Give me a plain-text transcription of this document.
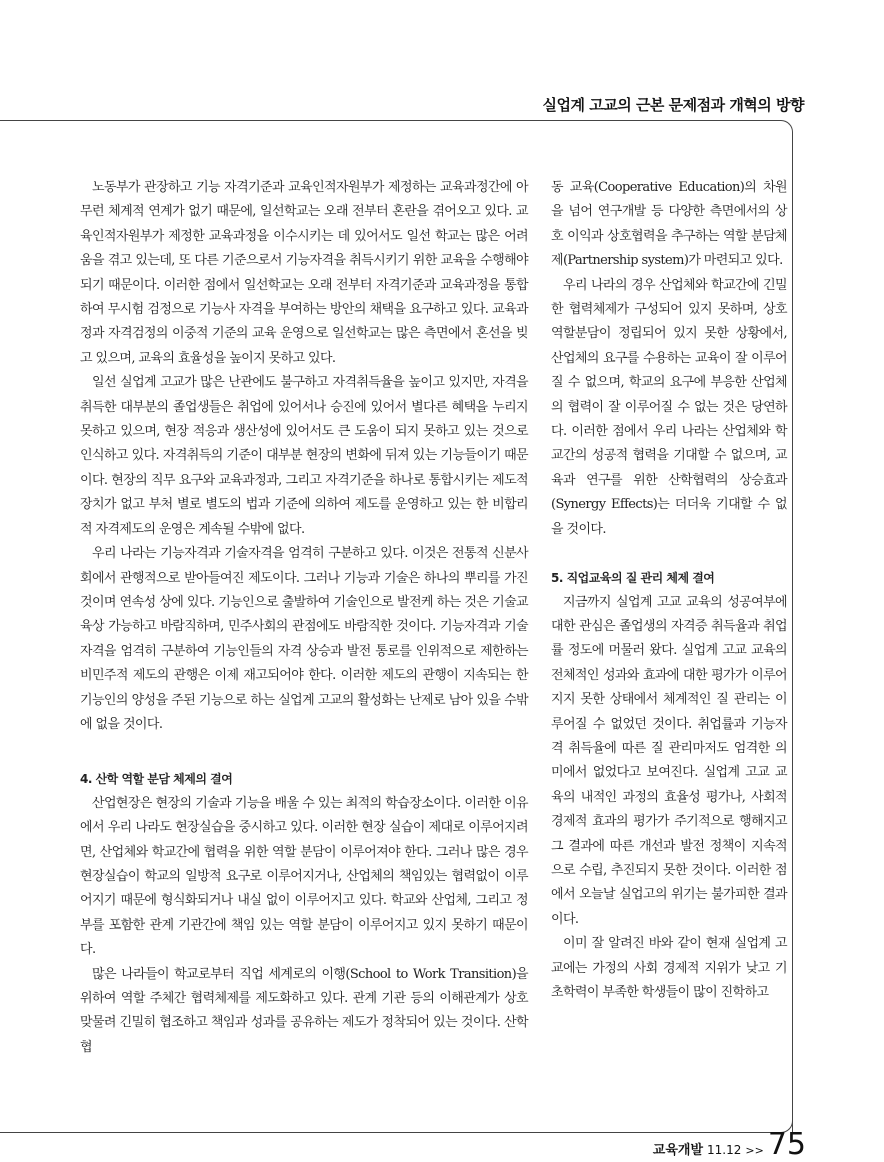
실업계 고교의 근본 문제점과 개혁의 방향

노동부가 관장하고 기능 자격기준과 교육인적자원부가 제정하는 교육과정간에 아무런 체계적 연계가 없기 때문에, 일선학교는 오래 전부터 혼란을 겪어오고 있다. 교육인적자원부가 제정한 교육과정을 이수시키는 데 있어서도 일선 학교는 많은 어려움을 겪고 있는데, 또 다른 기준으로서 기능자격을 취득시키기 위한 교육을 수행해야 되기 때문이다. 이러한 점에서 일선학교는 오래 전부터 자격기준과 교육과정을 통합하여 무시험 검정으로 기능사 자격을 부여하는 방안의 채택을 요구하고 있다. 교육과정과 자격검정의 이중적 기준의 교육 운영으로 일선학교는 많은 측면에서 혼선을 빚고 있으며, 교육의 효율성을 높이지 못하고 있다.

일선 실업계 고교가 많은 난관에도 불구하고 자격취득율을 높이고 있지만, 자격을 취득한 대부분의 졸업생들은 취업에 있어서나 승진에 있어서 별다른 혜택을 누리지 못하고 있으며, 현장 적응과 생산성에 있어서도 큰 도움이 되지 못하고 있는 것으로 인식하고 있다. 자격취득의 기준이 대부분 현장의 변화에 뒤져 있는 기능들이기 때문이다. 현장의 직무 요구와 교육과정과, 그리고 자격기준을 하나로 통합시키는 제도적 장치가 없고 부처 별로 별도의 법과 기준에 의하여 제도를 운영하고 있는 한 비합리적 자격제도의 운영은 계속될 수밖에 없다.

우리 나라는 기능자격과 기술자격을 엄격히 구분하고 있다. 이것은 전통적 신분사회에서 관행적으로 받아들여진 제도이다. 그러나 기능과 기술은 하나의 뿌리를 가진 것이며 연속성 상에 있다. 기능인으로 출발하여 기술인으로 발전케 하는 것은 기술교육상 가능하고 바람직하며, 민주사회의 관점에도 바람직한 것이다. 기능자격과 기술자격을 엄격히 구분하여 기능인들의 자격 상승과 발전 통로를 인위적으로 제한하는 비민주적 제도의 관행은 이제 재고되어야 한다. 이러한 제도의 관행이 지속되는 한 기능인의 양성을 주된 기능으로 하는 실업계 고교의 활성화는 난제로 남아 있을 수밖에 없을 것이다.

4. 산학 역할 분담 체제의 결여

산업현장은 현장의 기술과 기능을 배울 수 있는 최적의 학습장소이다. 이러한 이유에서 우리 나라도 현장실습을 중시하고 있다. 이러한 현장 실습이 제대로 이루어지려면, 산업체와 학교간에 협력을 위한 역할 분담이 이루어져야 한다. 그러나 많은 경우 현장실습이 학교의 일방적 요구로 이루어지거나, 산업체의 책임있는 협력없이 이루어지기 때문에 형식화되거나 내실 없이 이루어지고 있다. 학교와 산업체, 그리고 정부를 포함한 관계 기관간에 책임 있는 역할 분담이 이루어지고 있지 못하기 때문이다.

많은 나라들이 학교로부터 직업 세계로의 이행(School to Work Transition)을 위하여 역할 주체간 협력체제를 제도화하고 있다. 관계 기관 등의 이해관계가 상호 맞물려 긴밀히 협조하고 책임과 성과를 공유하는 제도가 정착되어 있는 것이다. 산학협

동 교육(Cooperative Education)의 차원을 넘어 연구개발 등 다양한 측면에서의 상호 이익과 상호협력을 추구하는 역할 분담체제(Partnership system)가 마련되고 있다.

우리 나라의 경우 산업체와 학교간에 긴밀한 협력체제가 구성되어 있지 못하며, 상호 역할분담이 정립되어 있지 못한 상황에서, 산업체의 요구를 수용하는 교육이 잘 이루어질 수 없으며, 학교의 요구에 부응한 산업체의 협력이 잘 이루어질 수 없는 것은 당연하다. 이러한 점에서 우리 나라는 산업체와 학교간의 성공적 협력을 기대할 수 없으며, 교육과 연구를 위한 산학협력의 상승효과(Synergy Effects)는 더더욱 기대할 수 없을 것이다.

5. 직업교육의 질 관리 체제 결여

지금까지 실업계 고교 교육의 성공여부에 대한 관심은 졸업생의 자격증 취득율과 취업률 정도에 머물러 왔다. 실업계 고교 교육의 전체적인 성과와 효과에 대한 평가가 이루어지지 못한 상태에서 체계적인 질 관리는 이루어질 수 없었던 것이다. 취업률과 기능자격 취득율에 따른 질 관리마저도 엄격한 의미에서 없었다고 보여진다. 실업계 고교 교육의 내적인 과정의 효율성 평가나, 사회적 경제적 효과의 평가가 주기적으로 행해지고 그 결과에 따른 개선과 발전 정책이 지속적으로 수립, 추진되지 못한 것이다. 이러한 점에서 오늘날 실업고의 위기는 불가피한 결과이다.

이미 잘 알려진 바와 같이 현재 실업계 고교에는 가정의 사회 경제적 지위가 낮고 기초학력이 부족한 학생들이 많이 진학하고

교육개발 11.12 >> 75
